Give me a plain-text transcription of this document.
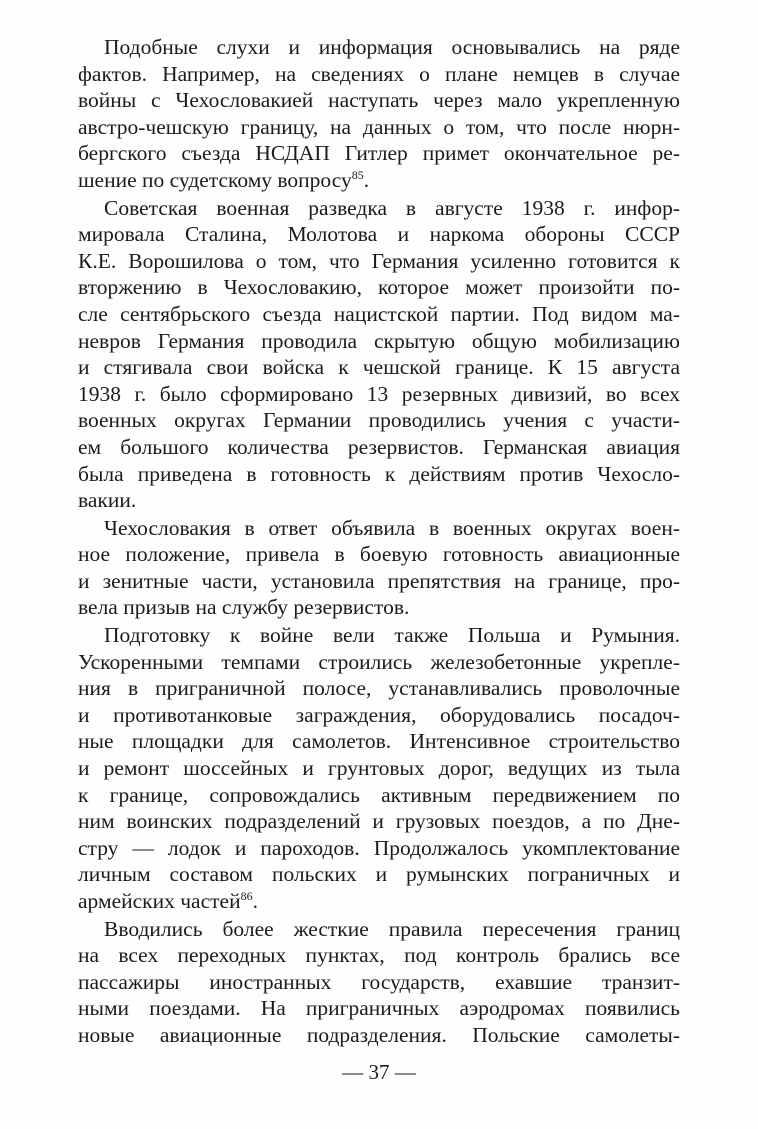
Подобные слухи и информация основывались на ряде
фактов. Например, на сведениях о плане немцев в случае
войны с Чехословакией наступать через мало укрепленную
австро-чешскую границу, на данных о том, что после нюрн-
бергского съезда НСДАП Гитлер примет окончательное ре-
шение по судетскому вопросу$^{85}$.
Советская военная разведка в августе 1938 г. инфор-
мировала Сталина, Молотова и наркома обороны СССР
К.Е. Ворошилова о том, что Германия усиленно готовится к
вторжению в Чехословакию, которое может произойти по-
сле сентябрьского съезда нацистской партии. Под видом ма-
невров Германия проводила скрытую общую мобилизацию
и стягивала свои войска к чешской границе. К 15 августа
1938 г. было сформировано 13 резервных дивизий, во всех
военных округах Германии проводились учения с участи-
ем большого количества резервистов. Германская авиация
была приведена в готовность к действиям против Чехосло-
вакии.
Чехословакия в ответ объявила в военных округах воен-
ное положение, привела в боевую готовность авиационные
и зенитные части, установила препятствия на границе, про-
вела призыв на службу резервистов.
Подготовку к войне вели также Польша и Румыния.
Ускоренными темпами строились железобетонные укрепле-
ния в приграничной полосе, устанавливались проволочные
и противотанковые заграждения, оборудовались посадоч-
ные площадки для самолетов. Интенсивное строительство
и ремонт шоссейных и грунтовых дорог, ведущих из тыла
к границе, сопровождались активным передвижением по
ним воинских подразделений и грузовых поездов, а по Дне-
стру — лодок и пароходов. Продолжалось укомплектование
личным составом польских и румынских пограничных и
армейских частей$^{86}$.
Вводились более жесткие правила пересечения границ
на всех переходных пунктах, под контроль брались все
пассажиры иностранных государств, ехавшие транзит-
ными поездами. На приграничных аэродромах появились
новые авиационные подразделения. Польские самолеты-
— 37 —
